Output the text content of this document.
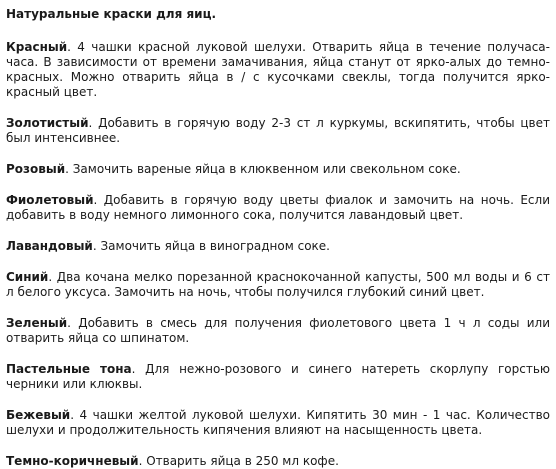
Натуральные краски для яиц.
Красный. 4 чашки красной луковой шелухи. Отварить яйца в течение получаса-часа. В зависимости от времени замачивания, яйца станут от ярко-алых до темно-красных. Можно отварить яйца в / с кусочками свеклы, тогда получится ярко-красный цвет.
Золотистый. Добавить в горячую воду 2-3 ст л куркумы, вскипятить, чтобы цвет был интенсивнее.
Розовый. Замочить вареные яйца в клюквенном или свекольном соке.
Фиолетовый. Добавить в горячую воду цветы фиалок и замочить на ночь. Если добавить в воду немного лимонного сока, получится лавандовый цвет.
Лавандовый. Замочить яйца в виноградном соке.
Синий. Два кочана мелко порезанной краснокочанной капусты, 500 мл воды и 6 ст л белого уксуса. Замочить на ночь, чтобы получился глубокий синий цвет.
Зеленый. Добавить в смесь для получения фиолетового цвета 1 ч л соды или отварить яйца со шпинатом.
Пастельные тона. Для нежно-розового и синего натереть скорлупу горстью черники или клюквы.
Бежевый. 4 чашки желтой луковой шелухи. Кипятить 30 мин - 1 час. Количество шелухи и продолжительность кипячения влияют на насыщенность цвета.
Темно-коричневый. Отварить яйца в 250 мл кофе.
